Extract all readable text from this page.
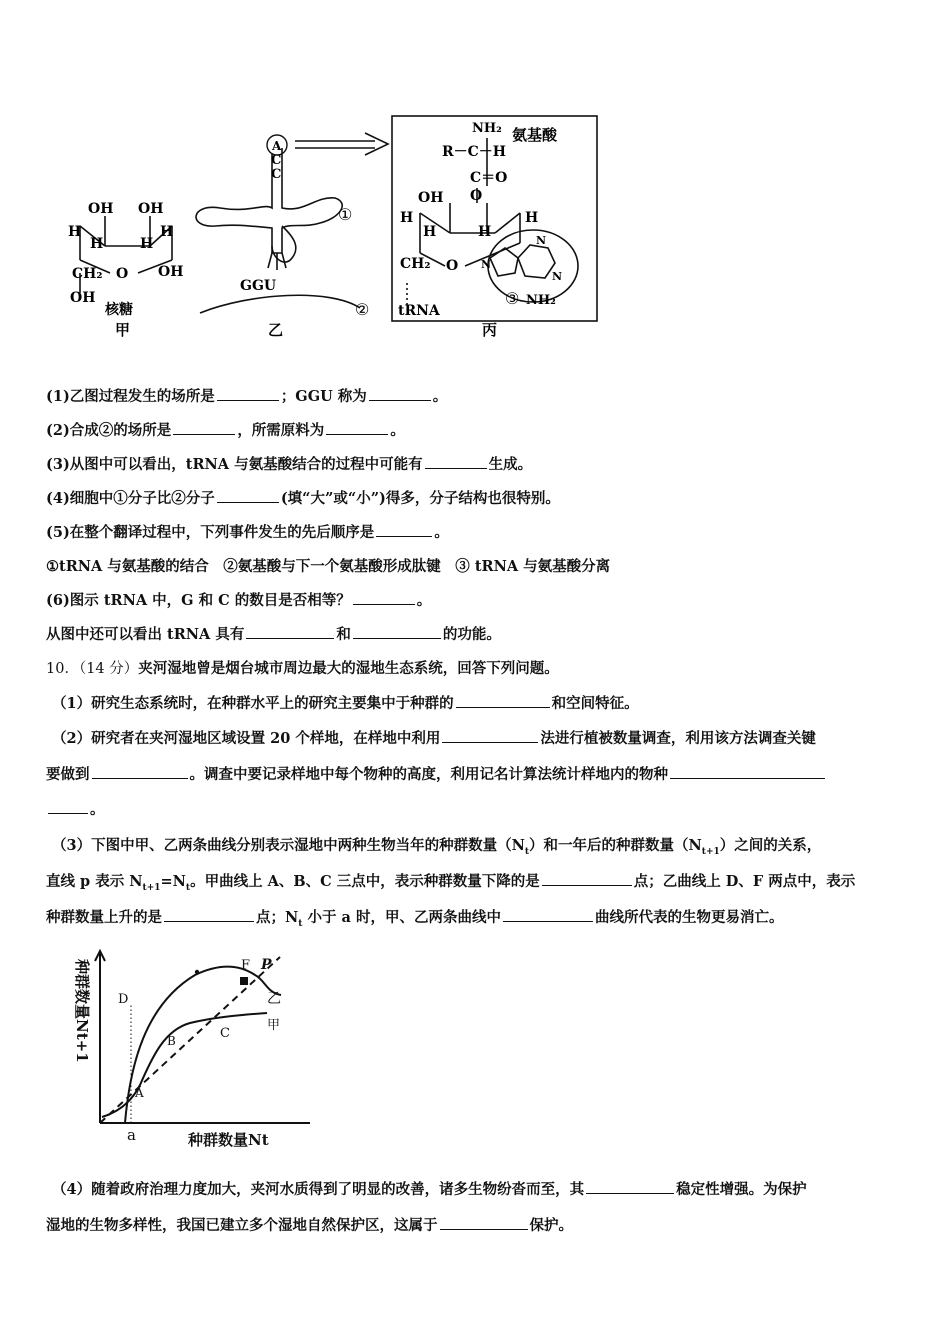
OH OH
H
H	H
H
CH₂ O OH
OH
核糖
甲
A
C
C
①
GGU
②
乙
NH₂ 氨基酸
R－C－H
C＝O
O
OH
H
H	H
H
CH₂ O N
N
N
③ NH₂
tRNA
丙
(1)乙图过程发生的场所是	；GGU 称为	。
(2)合成②的场所是	，所需原料为	。
(3)从图中可以看出，tRNA 与氨基酸结合的过程中可能有	生成。
(4)细胞中①分子比②分子	(填“大”或“小”)得多，分子结构也很特别。
(5)在整个翻译过程中，下列事件发生的先后顺序是	。
①tRNA 与氨基酸的结合　②氨基酸与下一个氨基酸形成肽键　③ tRNA 与氨基酸分离
(6)图示 tRNA 中，G 和 C 的数目是否相等？	。
从图中还可以看出 tRNA 具有	和	的功能。
10．（14 分）夹河湿地曾是烟台城市周边最大的湿地生态系统，回答下列问题。
（1）研究生态系统时，在种群水平上的研究主要集中于种群的	和空间特征。
（2）研究者在夹河湿地区域设置 20 个样地，在样地中利用	法进行植被数量调查，利用该方法调查关键
要做到	。调查中要记录样地中每个物种的高度，利用记名计算法统计样地内的物种
。
（3）下图中甲、乙两条曲线分别表示湿地中两种生物当年的种群数量$(N_t)$和一年后的种群数量$(N_{t+1})$之间的关系，
直线 p 表示 $N_{t+1}=N_t$。甲曲线上 A、B、C 三点中，表示种群数量下降的是	点；乙曲线上 D、F 两点中，表示
种群数量上升的是	点；$N_t$ 小于 a 时，甲、乙两条曲线中	曲线所代表的生物更易消亡。
D
F P
乙
甲
B	C
A
a	种群数量Nt
种群数量Nt+1
（4）随着政府治理力度加大，夹河水质得到了明显的改善，诸多生物纷沓而至，其	稳定性增强。为保护
湿地的生物多样性，我国已建立多个湿地自然保护区，这属于	保护。
